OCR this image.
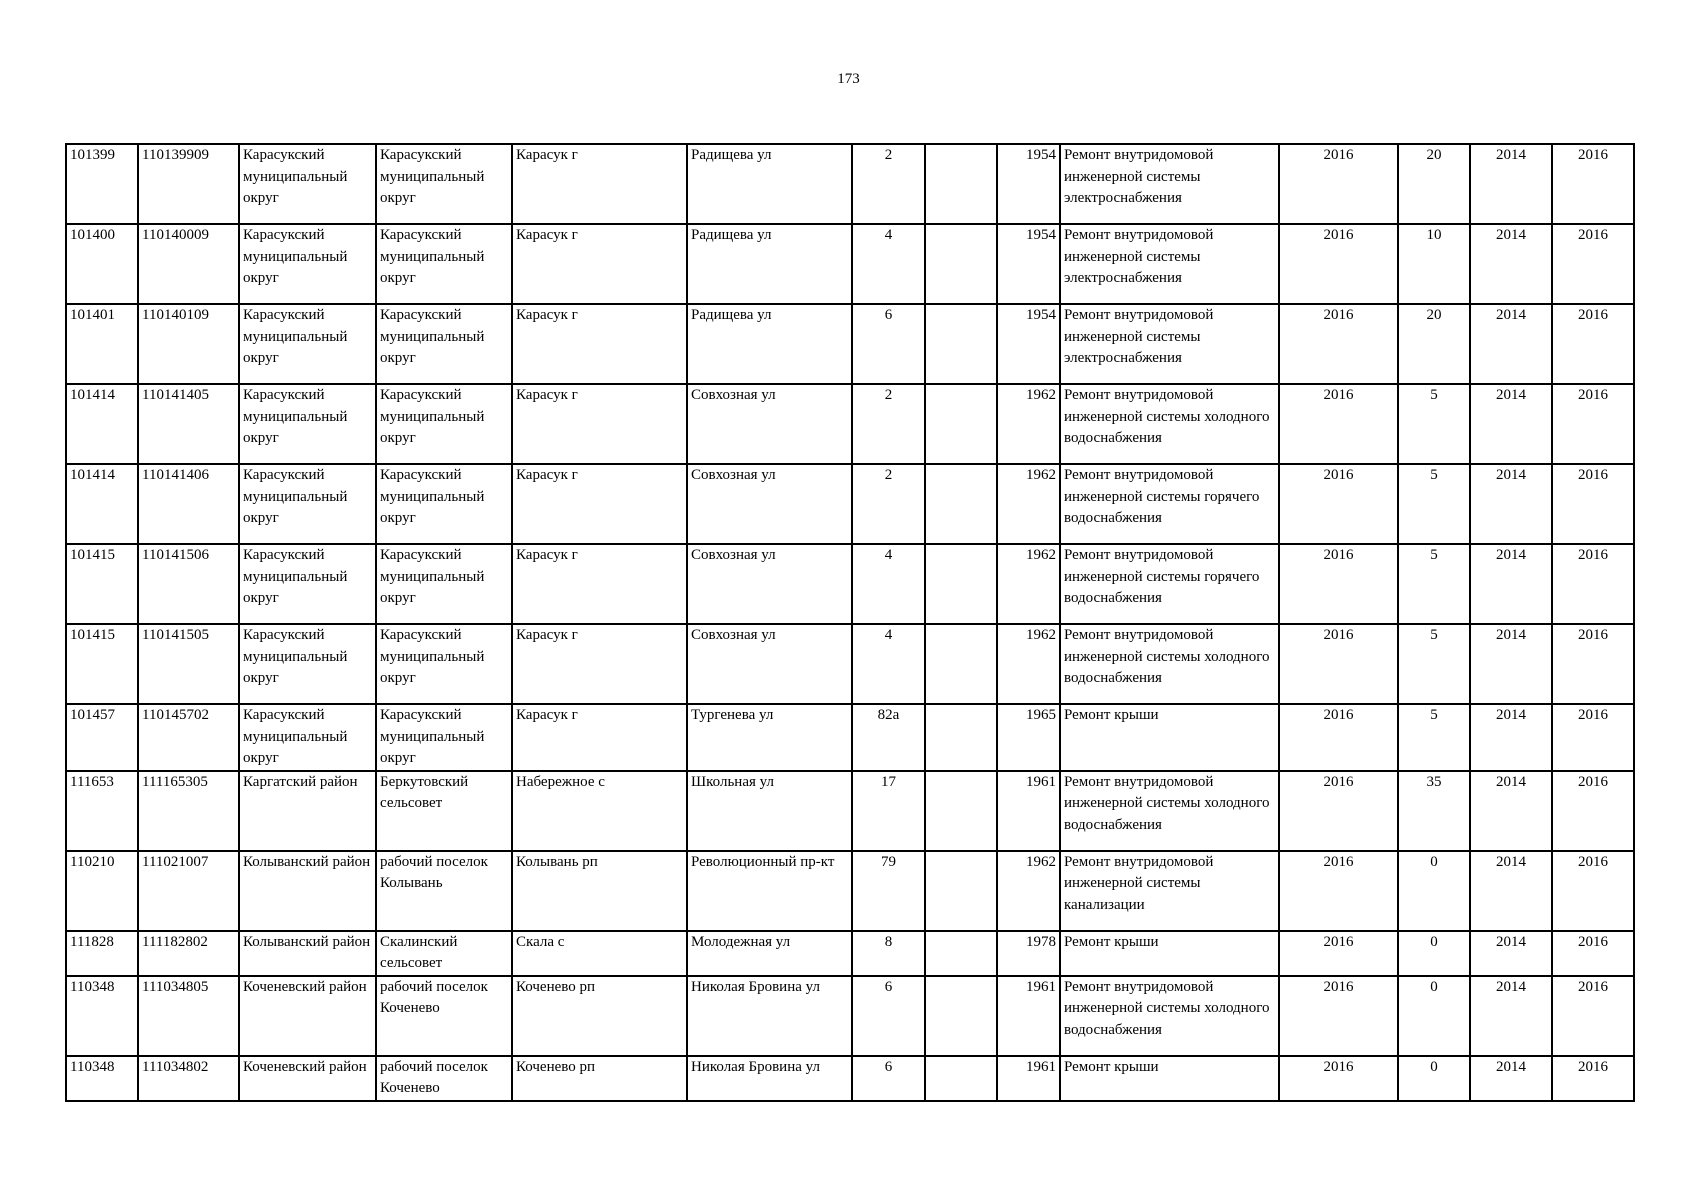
173
101399	110139909	Карасукский муниципальный округ	Карасукский муниципальный округ	Карасук г	Радищева ул	2		1954	Ремонт внутридомовой инженерной системы электроснабжения	2016	20	2014	2016
101400	110140009	Карасукский муниципальный округ	Карасукский муниципальный округ	Карасук г	Радищева ул	4		1954	Ремонт внутридомовой инженерной системы электроснабжения	2016	10	2014	2016
101401	110140109	Карасукский муниципальный округ	Карасукский муниципальный округ	Карасук г	Радищева ул	6		1954	Ремонт внутридомовой инженерной системы электроснабжения	2016	20	2014	2016
101414	110141405	Карасукский муниципальный округ	Карасукский муниципальный округ	Карасук г	Совхозная ул	2		1962	Ремонт внутридомовой инженерной системы холодного водоснабжения	2016	5	2014	2016
101414	110141406	Карасукский муниципальный округ	Карасукский муниципальный округ	Карасук г	Совхозная ул	2		1962	Ремонт внутридомовой инженерной системы горячего водоснабжения	2016	5	2014	2016
101415	110141506	Карасукский муниципальный округ	Карасукский муниципальный округ	Карасук г	Совхозная ул	4		1962	Ремонт внутридомовой инженерной системы горячего водоснабжения	2016	5	2014	2016
101415	110141505	Карасукский муниципальный округ	Карасукский муниципальный округ	Карасук г	Совхозная ул	4		1962	Ремонт внутридомовой инженерной системы холодного водоснабжения	2016	5	2014	2016
101457	110145702	Карасукский муниципальный округ	Карасукский муниципальный округ	Карасук г	Тургенева ул	82а		1965	Ремонт крыши	2016	5	2014	2016
111653	111165305	Каргатский район	Беркутовский сельсовет	Набережное с	Школьная ул	17		1961	Ремонт внутридомовой инженерной системы холодного водоснабжения	2016	35	2014	2016
110210	111021007	Колыванский район	рабочий поселок Колывань	Колывань рп	Революционный пр-кт	79		1962	Ремонт внутридомовой инженерной системы канализации	2016	0	2014	2016
111828	111182802	Колыванский район	Скалинский сельсовет	Скала с	Молодежная ул	8		1978	Ремонт крыши	2016	0	2014	2016
110348	111034805	Коченевский район	рабочий поселок Коченево	Коченево рп	Николая Бровина ул	6		1961	Ремонт внутридомовой инженерной системы холодного водоснабжения	2016	0	2014	2016
110348	111034802	Коченевский район	рабочий поселок Коченево	Коченево рп	Николая Бровина ул	6		1961	Ремонт крыши	2016	0	2014	2016
